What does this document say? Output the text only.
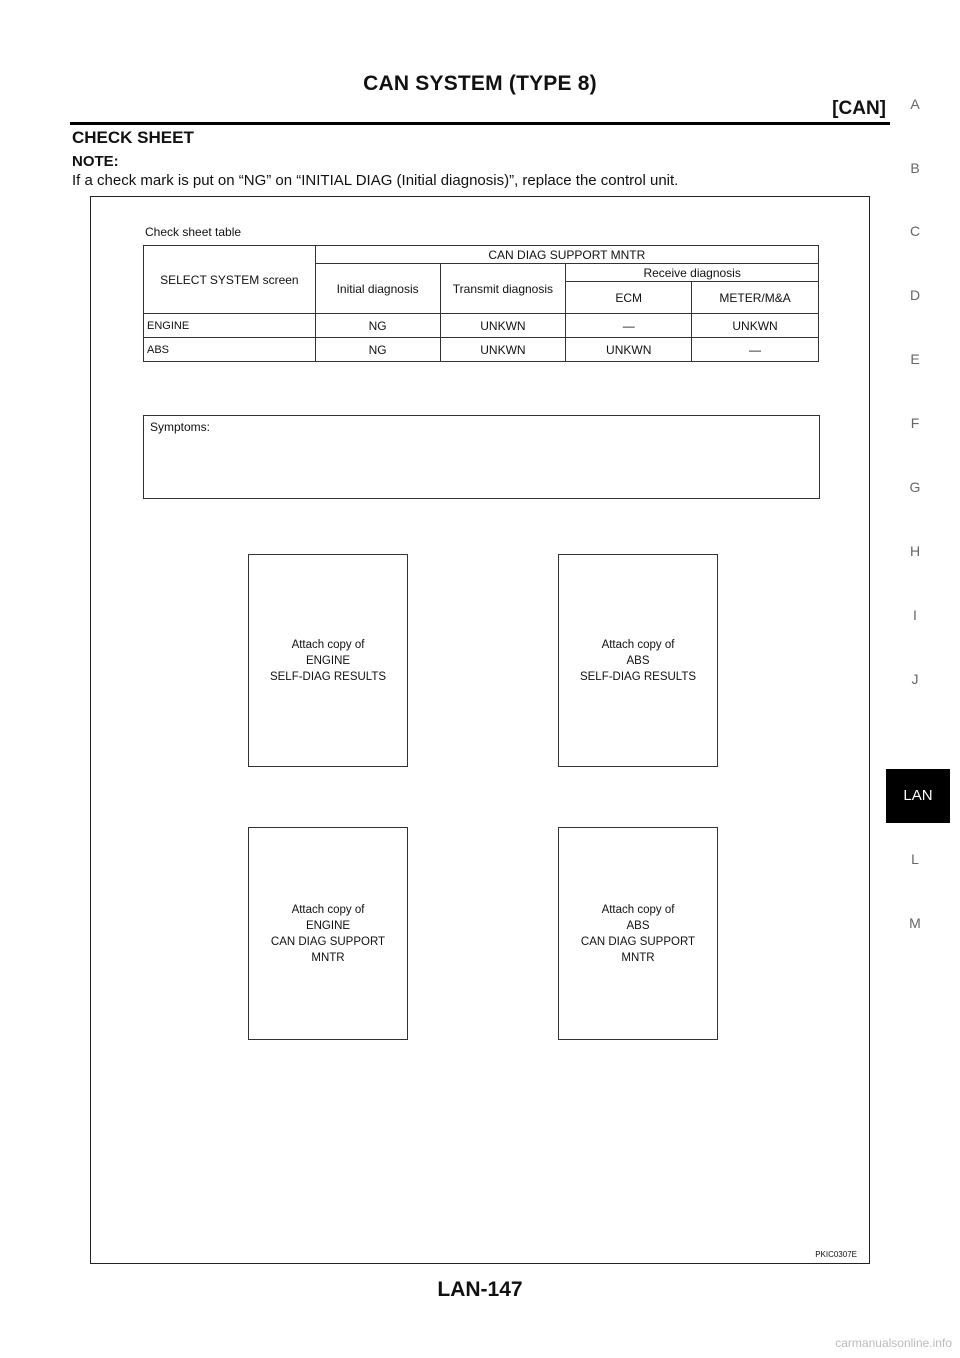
CAN SYSTEM (TYPE 8)
[CAN]
CHECK SHEET
NOTE:
If a check mark is put on “NG” on “INITIAL DIAG (Initial diagnosis)”, replace the control unit.
A
B
C
D
E
F
G
H
I
J
LAN
L
M
Check sheet table
SELECT SYSTEM screen	CAN DIAG SUPPORT MNTR			
	Initial diagnosis	Transmit diagnosis	Receive diagnosis	
			ECM	METER/M&A
ENGINE	NG	UNKWN	—	UNKWN
ABS	NG	UNKWN	UNKWN	—
Symptoms:
Attach copy of
ENGINE
SELF-DIAG RESULTS
Attach copy of
ABS
SELF-DIAG RESULTS
Attach copy of
ENGINE
CAN DIAG SUPPORT
MNTR
Attach copy of
ABS
CAN DIAG SUPPORT
MNTR
PKIC0307E
LAN-147
carmanualsonline.info
